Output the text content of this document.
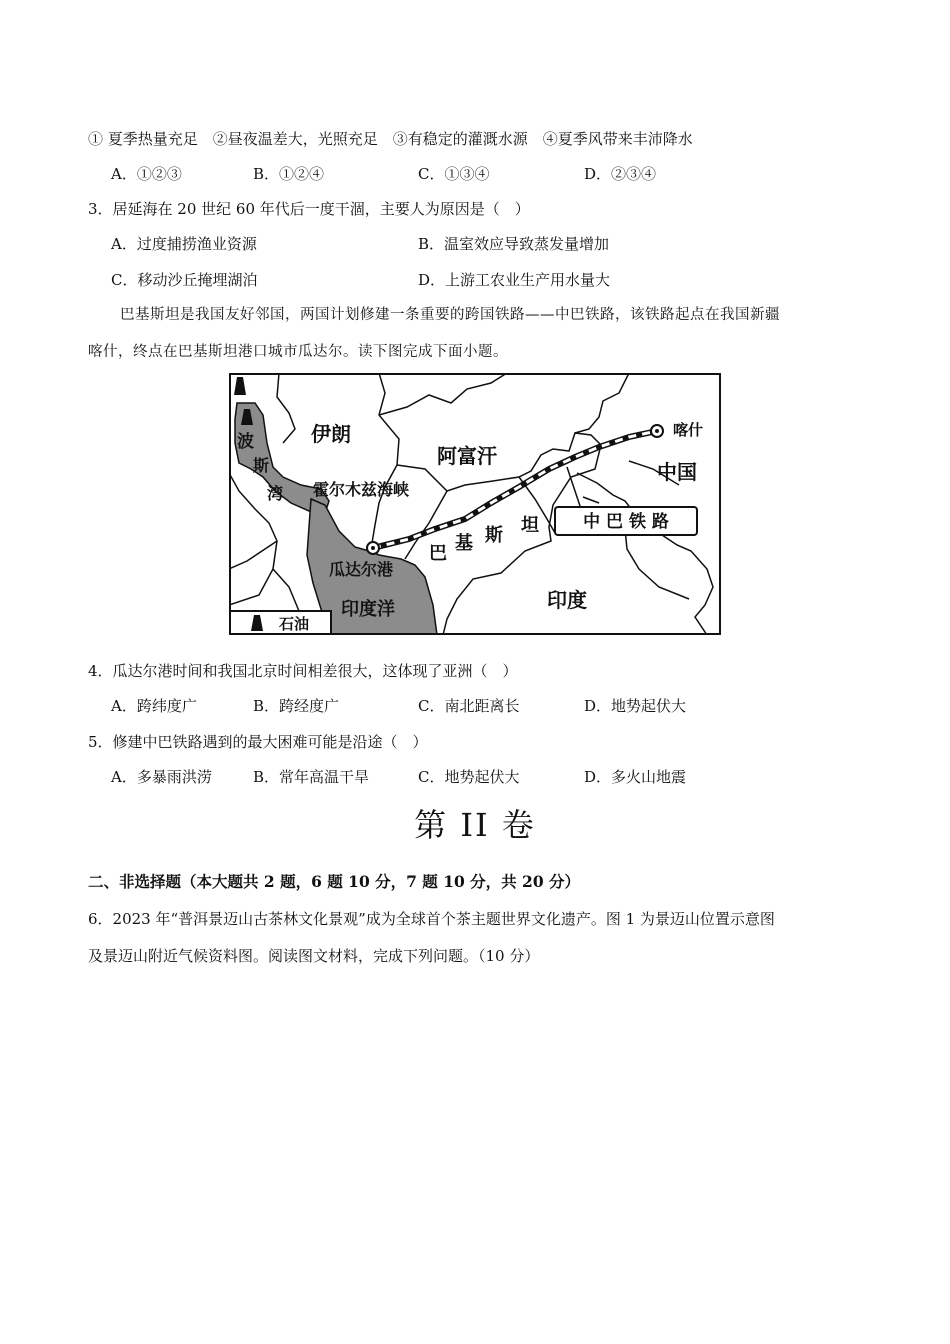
① 夏季热量充足　②昼夜温差大，光照充足　③有稳定的灌溉水源　④夏季风带来丰沛降水
A．①②③	B．①②④	C．①③④	D．②③④
3．居延海在 20 世纪 60 年代后一度干涸，主要人为原因是（　）
A．过度捕捞渔业资源	B．温室效应导致蒸发量增加
C．移动沙丘掩埋湖泊	D．上游工农业生产用水量大
巴基斯坦是我国友好邻国，两国计划修建一条重要的跨国铁路——中巴铁路，该铁路起点在我国新疆
喀什，终点在巴基斯坦港口城市瓜达尔。读下图完成下面小题。
中 巴 铁 路
石油
伊朗
阿富汗
喀什
中国
波
斯
湾 霍尔木兹海峡
巴 基 斯 坦
瓜达尔港
印度洋	印度
4．瓜达尔港时间和我国北京时间相差很大，这体现了亚洲（　）
A．跨纬度广	B．跨经度广	C．南北距离长	D．地势起伏大
5．修建中巴铁路遇到的最大困难可能是沿途（　）
A．多暴雨洪涝	B．常年高温干旱	C．地势起伏大	D．多火山地震
第 II 卷
二、非选择题（本大题共 2 题，6 题 10 分，7 题 10 分，共 20 分）
6．2023 年“普洱景迈山古茶林文化景观”成为全球首个茶主题世界文化遗产。图 1 为景迈山位置示意图
及景迈山附近气候资料图。阅读图文材料，完成下列问题。（10 分）
